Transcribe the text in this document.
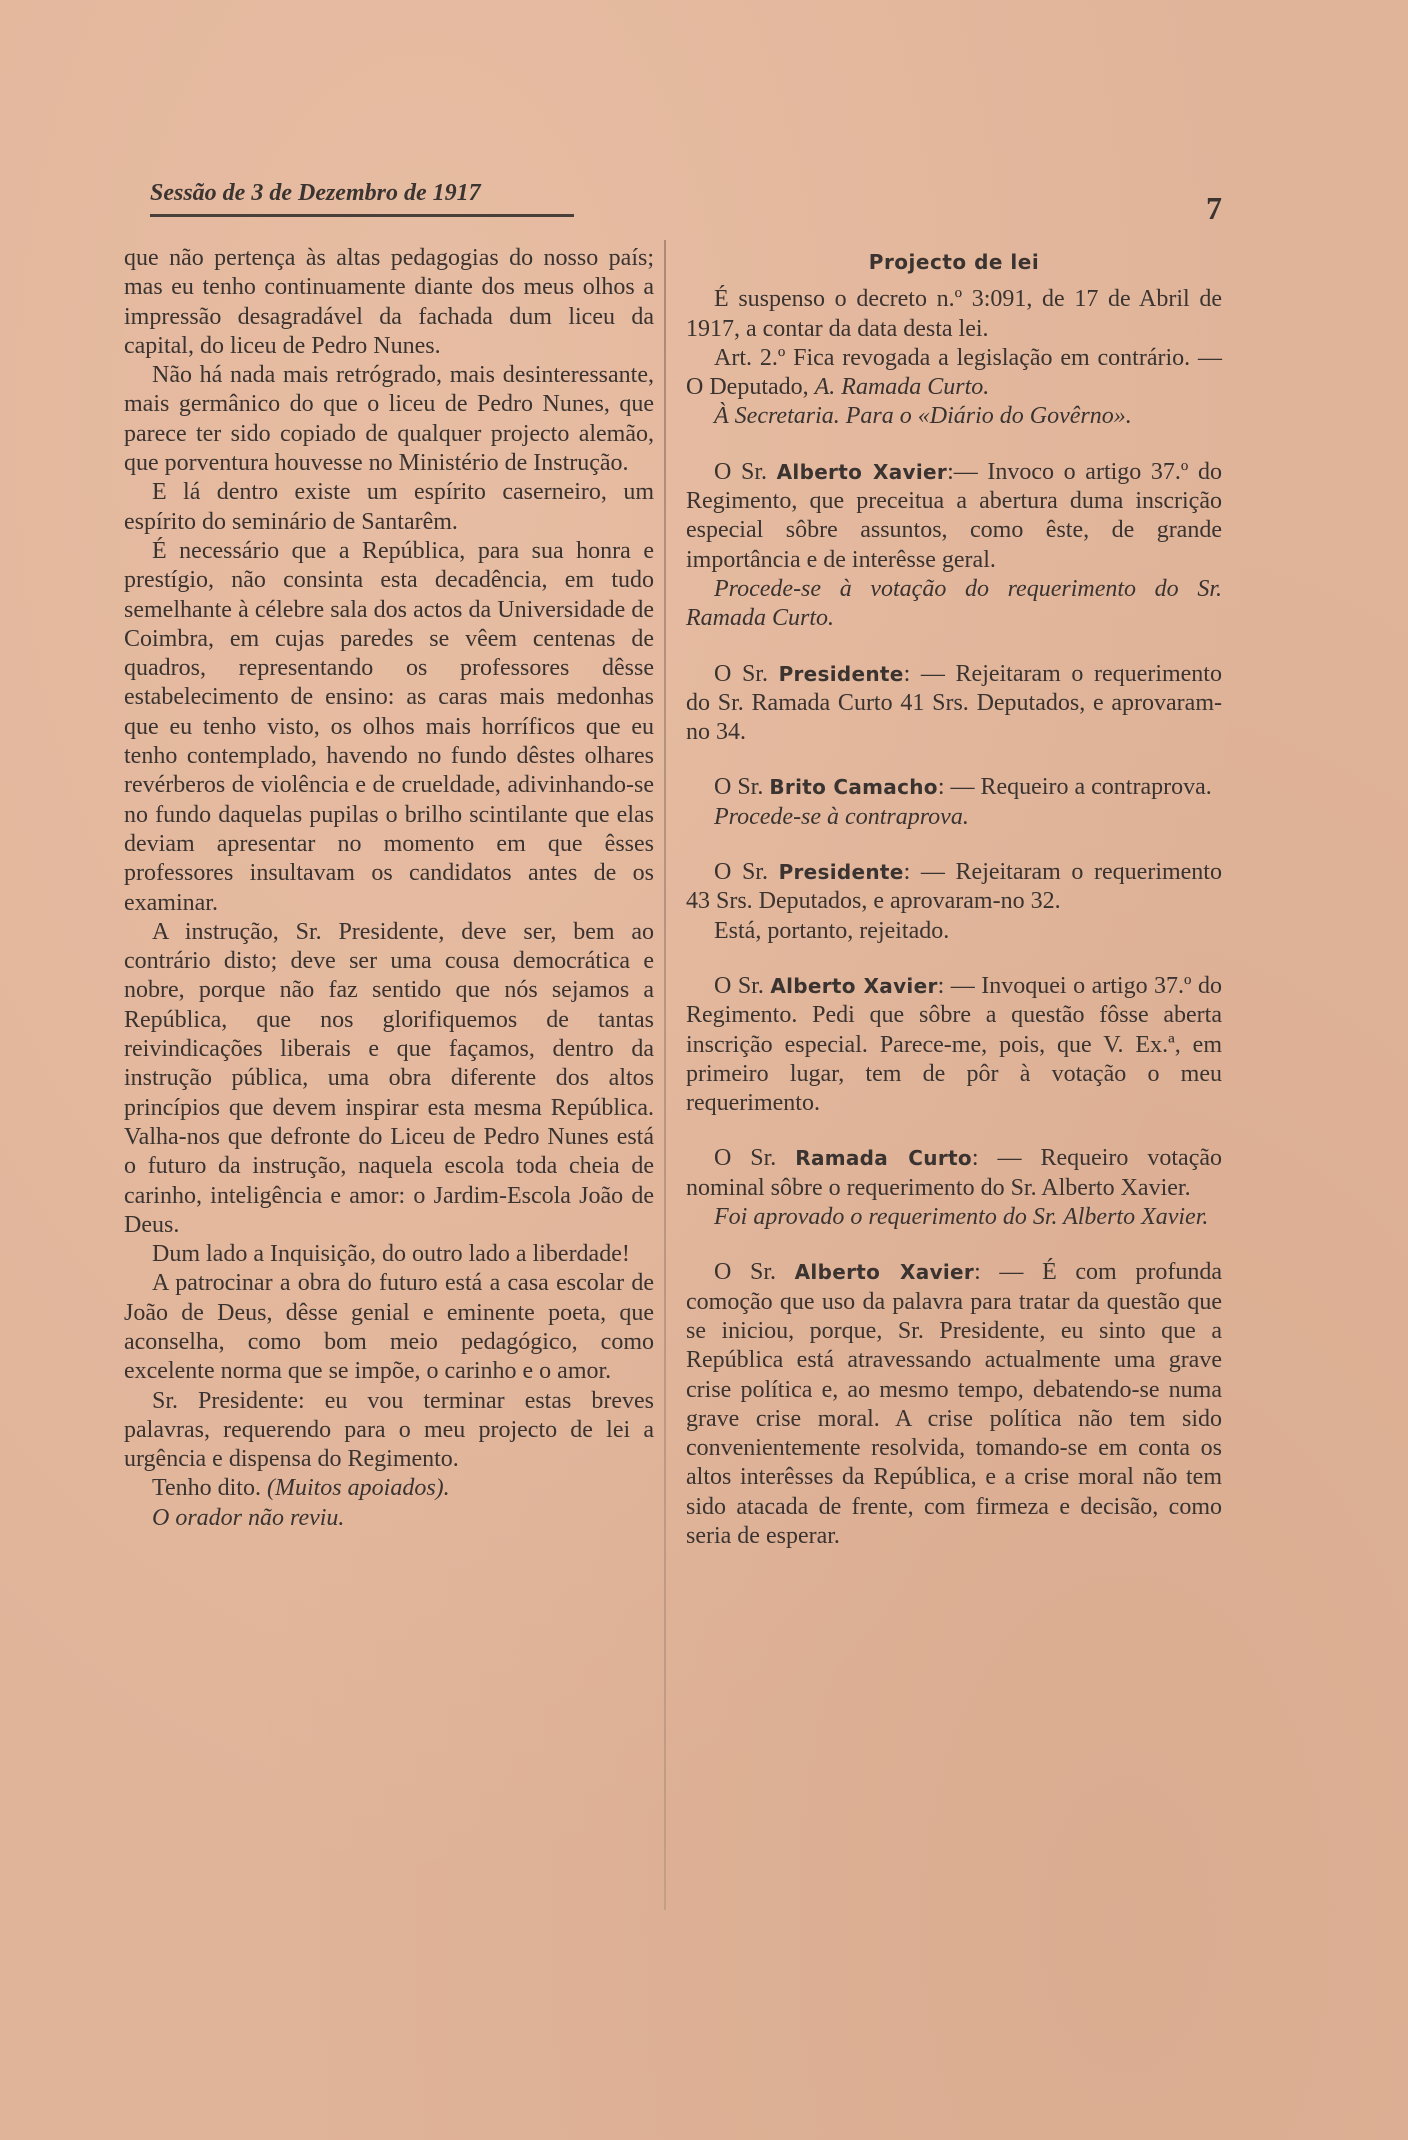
Sessão de 3 de Dezembro de 1917	7

que não pertença às altas pedagogias do nosso país; mas eu tenho continuamente diante dos meus olhos a impressão desagradável da fachada dum liceu da capital, do liceu de Pedro Nunes.

Não há nada mais retrógrado, mais desinteressante, mais germânico do que o liceu de Pedro Nunes, que parece ter sido copiado de qualquer projecto alemão, que porventura houvesse no Ministério de Instrução.

E lá dentro existe um espírito caserneiro, um espírito do seminário de Santarêm.

É necessário que a República, para sua honra e prestígio, não consinta esta decadência, em tudo semelhante à célebre sala dos actos da Universidade de Coimbra, em cujas paredes se vêem centenas de quadros, representando os professores dêsse estabelecimento de ensino: as caras mais medonhas que eu tenho visto, os olhos mais horríficos que eu tenho contemplado, havendo no fundo dêstes olhares revérberos de violência e de crueldade, adivinhando-se no fundo daquelas pupilas o brilho scintilante que elas deviam apresentar no momento em que êsses professores insultavam os candidatos antes de os examinar.

A instrução, Sr. Presidente, deve ser, bem ao contrário disto; deve ser uma cousa democrática e nobre, porque não faz sentido que nós sejamos a República, que nos glorifiquemos de tantas reivindicações liberais e que façamos, dentro da instrução pública, uma obra diferente dos altos princípios que devem inspirar esta mesma República. Valha-nos que defronte do Liceu de Pedro Nunes está o futuro da instrução, naquela escola toda cheia de carinho, inteligência e amor: o Jardim-Escola João de Deus.

Dum lado a Inquisição, do outro lado a liberdade!

A patrocinar a obra do futuro está a casa escolar de João de Deus, dêsse genial e eminente poeta, que aconselha, como bom meio pedagógico, como excelente norma que se impõe, o carinho e o amor.

Sr. Presidente: eu vou terminar estas breves palavras, requerendo para o meu projecto de lei a urgência e dispensa do Regimento.

Tenho dito. (Muitos apoiados).

O orador não reviu.

Projecto de lei

É suspenso o decreto n.º 3:091, de 17 de Abril de 1917, a contar da data desta lei.

Art. 2.º Fica revogada a legislação em contrário. — O Deputado, A. Ramada Curto.

À Secretaria. Para o «Diário do Govêrno».

O Sr. Alberto Xavier:— Invoco o artigo 37.º do Regimento, que preceitua a abertura duma inscrição especial sôbre assuntos, como êste, de grande importância e de interêsse geral.

Procede-se à votação do requerimento do Sr. Ramada Curto.

O Sr. Presidente: — Rejeitaram o requerimento do Sr. Ramada Curto 41 Srs. Deputados, e aprovaram-no 34.

O Sr. Brito Camacho: — Requeiro a contraprova.

Procede-se à contraprova.

O Sr. Presidente: — Rejeitaram o requerimento 43 Srs. Deputados, e aprovaram-no 32.

Está, portanto, rejeitado.

O Sr. Alberto Xavier: — Invoquei o artigo 37.º do Regimento. Pedi que sôbre a questão fôsse aberta inscrição especial. Parece-me, pois, que V. Ex.ª, em primeiro lugar, tem de pôr à votação o meu requerimento.

O Sr. Ramada Curto: — Requeiro votação nominal sôbre o requerimento do Sr. Alberto Xavier.

Foi aprovado o requerimento do Sr. Alberto Xavier.

O Sr. Alberto Xavier: — É com profunda comoção que uso da palavra para tratar da questão que se iniciou, porque, Sr. Presidente, eu sinto que a República está atravessando actualmente uma grave crise política e, ao mesmo tempo, debatendo-se numa grave crise moral. A crise política não tem sido convenientemente resolvida, tomando-se em conta os altos interêsses da República, e a crise moral não tem sido atacada de frente, com firmeza e decisão, como seria de esperar.
